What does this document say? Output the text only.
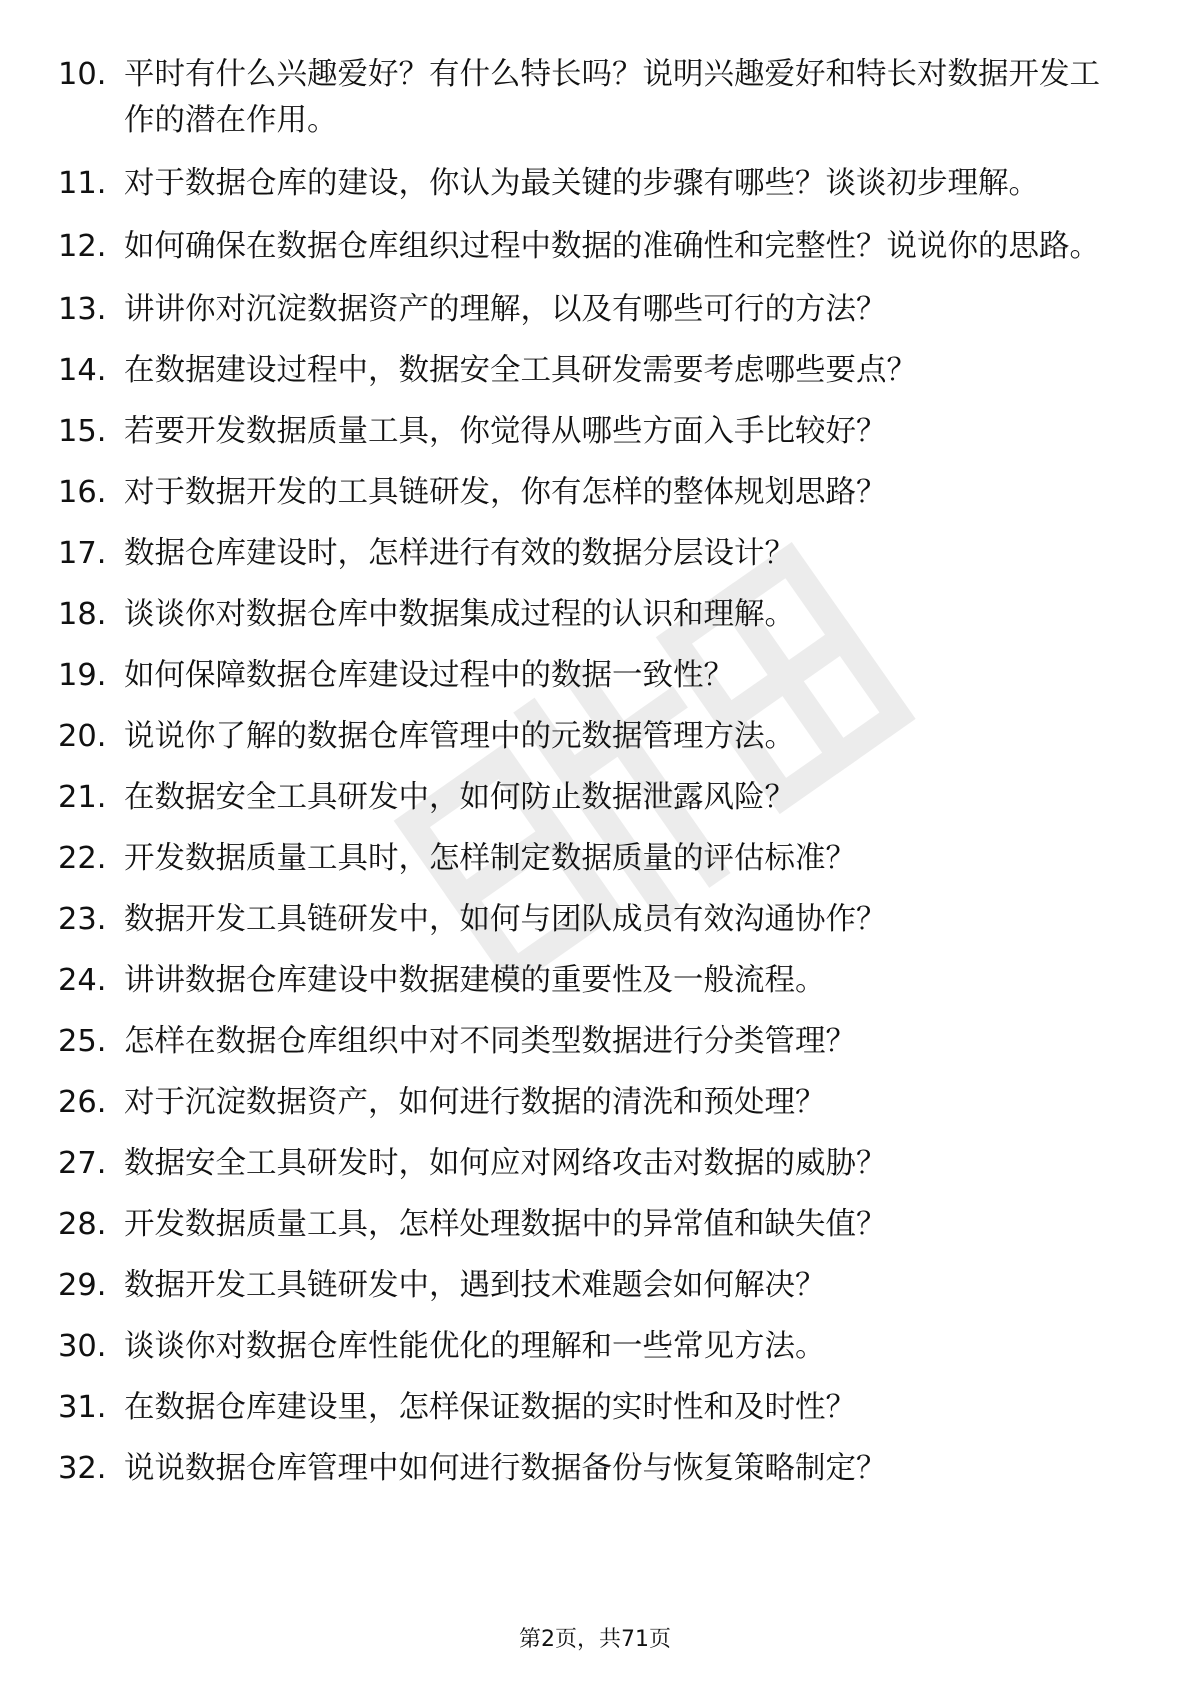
10. 平时有什么兴趣爱好？有什么特长吗？说明兴趣爱好和特长对数据开发工作的潜在作用。
11. 对于数据仓库的建设，你认为最关键的步骤有哪些？谈谈初步理解。
12. 如何确保在数据仓库组织过程中数据的准确性和完整性？说说你的思路。
13. 讲讲你对沉淀数据资产的理解，以及有哪些可行的方法？
14. 在数据建设过程中，数据安全工具研发需要考虑哪些要点？
15. 若要开发数据质量工具，你觉得从哪些方面入手比较好？
16. 对于数据开发的工具链研发，你有怎样的整体规划思路？
17. 数据仓库建设时，怎样进行有效的数据分层设计？
18. 谈谈你对数据仓库中数据集成过程的认识和理解。
19. 如何保障数据仓库建设过程中的数据一致性？
20. 说说你了解的数据仓库管理中的元数据管理方法。
21. 在数据安全工具研发中，如何防止数据泄露风险？
22. 开发数据质量工具时，怎样制定数据质量的评估标准？
23. 数据开发工具链研发中，如何与团队成员有效沟通协作？
24. 讲讲数据仓库建设中数据建模的重要性及一般流程。
25. 怎样在数据仓库组织中对不同类型数据进行分类管理？
26. 对于沉淀数据资产，如何进行数据的清洗和预处理？
27. 数据安全工具研发时，如何应对网络攻击对数据的威胁？
28. 开发数据质量工具，怎样处理数据中的异常值和缺失值？
29. 数据开发工具链研发中，遇到技术难题会如何解决？
30. 谈谈你对数据仓库性能优化的理解和一些常见方法。
31. 在数据仓库建设里，怎样保证数据的实时性和及时性？
32. 说说数据仓库管理中如何进行数据备份与恢复策略制定？
第2页，共71页
